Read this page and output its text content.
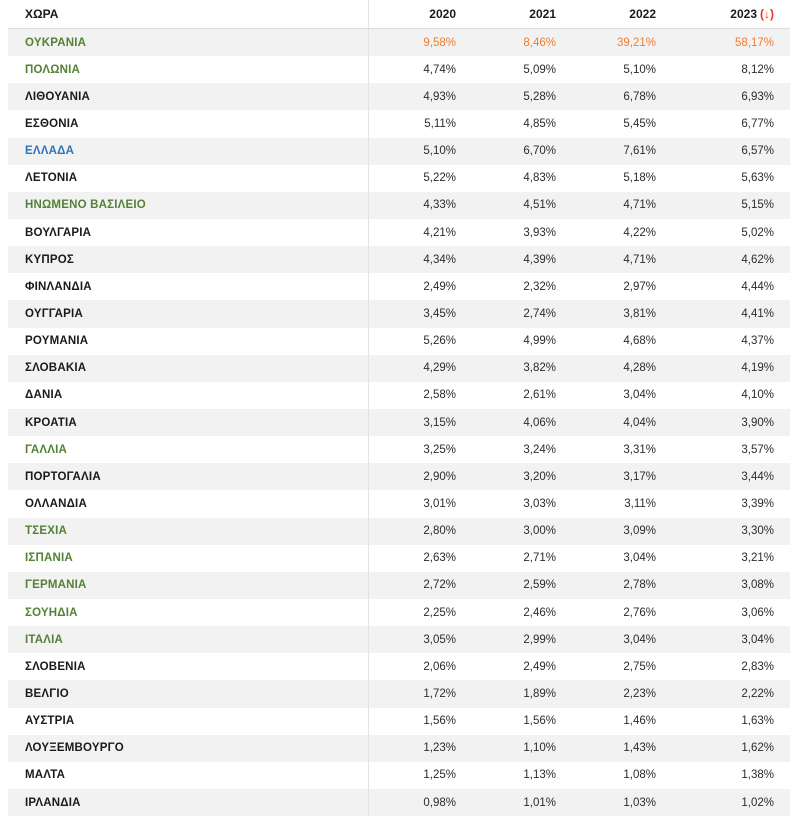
ΧΩΡΑ	2020	2021	2022	2023 (↓)
ΟΥΚΡΑΝΙΑ	9,58%	8,46%	39,21%	58,17%
ΠΟΛΩΝΙΑ	4,74%	5,09%	5,10%	8,12%
ΛΙΘΟΥΑΝΙΑ	4,93%	5,28%	6,78%	6,93%
ΕΣΘΟΝΙΑ	5,11%	4,85%	5,45%	6,77%
ΕΛΛΑΔΑ	5,10%	6,70%	7,61%	6,57%
ΛΕΤΟΝΙΑ	5,22%	4,83%	5,18%	5,63%
ΗΝΩΜΕΝΟ ΒΑΣΙΛΕΙΟ	4,33%	4,51%	4,71%	5,15%
ΒΟΥΛΓΑΡΙΑ	4,21%	3,93%	4,22%	5,02%
ΚΥΠΡΟΣ	4,34%	4,39%	4,71%	4,62%
ΦΙΝΛΑΝΔΙΑ	2,49%	2,32%	2,97%	4,44%
ΟΥΓΓΑΡΙΑ	3,45%	2,74%	3,81%	4,41%
ΡΟΥΜΑΝΙΑ	5,26%	4,99%	4,68%	4,37%
ΣΛΟΒΑΚΙΑ	4,29%	3,82%	4,28%	4,19%
ΔΑΝΙΑ	2,58%	2,61%	3,04%	4,10%
ΚΡΟΑΤΙΑ	3,15%	4,06%	4,04%	3,90%
ΓΑΛΛΙΑ	3,25%	3,24%	3,31%	3,57%
ΠΟΡΤΟΓΑΛΙΑ	2,90%	3,20%	3,17%	3,44%
ΟΛΛΑΝΔΙΑ	3,01%	3,03%	3,11%	3,39%
ΤΣΕΧΙΑ	2,80%	3,00%	3,09%	3,30%
ΙΣΠΑΝΙΑ	2,63%	2,71%	3,04%	3,21%
ΓΕΡΜΑΝΙΑ	2,72%	2,59%	2,78%	3,08%
ΣΟΥΗΔΙΑ	2,25%	2,46%	2,76%	3,06%
ΙΤΑΛΙΑ	3,05%	2,99%	3,04%	3,04%
ΣΛΟΒΕΝΙΑ	2,06%	2,49%	2,75%	2,83%
ΒΕΛΓΙΟ	1,72%	1,89%	2,23%	2,22%
ΑΥΣΤΡΙΑ	1,56%	1,56%	1,46%	1,63%
ΛΟΥΞΕΜΒΟΥΡΓΟ	1,23%	1,10%	1,43%	1,62%
ΜΑΛΤΑ	1,25%	1,13%	1,08%	1,38%
ΙΡΛΑΝΔΙΑ	0,98%	1,01%	1,03%	1,02%
